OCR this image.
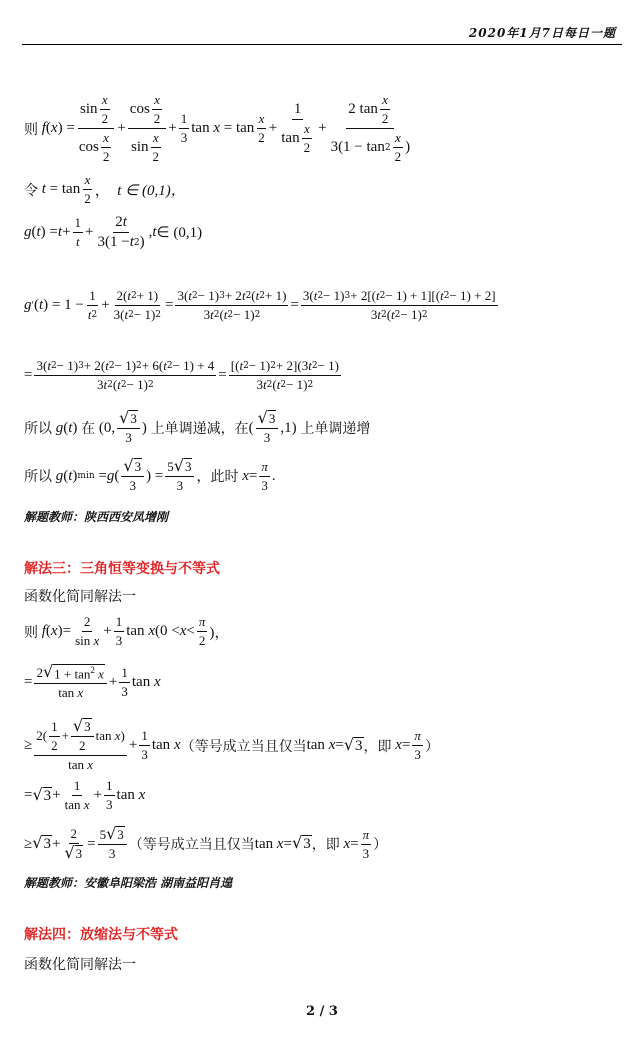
2020年1月7日每日一题
则 f ( x ) = $\frac{\sin \frac{x}{2}}{\cos \frac{x}{2}} + \frac{\cos \frac{x}{2}}{\sin \frac{x}{2}} + \frac{1}{3}$ $\tan x = \tan \frac{x}{2} + \frac{1}{\tan \frac{x}{2}} + \frac{2 \tan \frac{x}{2}}{3(1 - \tan 2 \frac{x}{2} )}$
令 $t = \tan \frac{x}{2}$ ， t ∈ (0,1)，
g ( t ) = $t + \frac{1}{t} + \frac{2 t}{3(1 - t 2 )}$ , t ∈ (0,1)
g ' ( t ) = $1 - \frac{1}{t 2} + \frac{2( t 2 + 1)}{3( t 2 - 1) 2} = \frac{3( t 2 - 1) 3 + 2 t 2 ( t 2 + 1)}{3 t 2 ( t 2 - 1) 2} = \frac{3( t 2 - 1) 3 + 2[( t 2 - 1) + 1][( t 2 - 1) + 2]}{3 t 2 ( t 2 - 1) 2}$
= $\frac{3( t 2 - 1) 3 + 2( t 2 - 1) 2 + 6( t 2 - 1) + 4}{3 t 2 ( t 2 - 1) 2} = \frac{[( t 2 - 1) 2 + 2](3 t 2 - 1)}{3 t 2 ( t 2 - 1) 2}$
所以 g ( t ) 在 (0, $\frac{√ 3}{3}$ ) 上单调递减，在 ( $\frac{√ 3}{3} ,1$) 上单调递增
所以 g ( t ) min = g ( $\frac{√ 3}{3}$ ) = $\frac{5 √ 3}{3}$ ，此时 $x = \frac{\pi}{3}$ .
解题教师：陕西西安凤增刚
解法三：三角恒等变换与不等式
函数化简同解法一
则 f ( x )= $\frac{2}{\text{sin x}} + \frac{1}{3}$ tan x ($0 < x < \frac{\pi}{2}$ )，
= $\frac{2 √ 1 + \tan^2 x}{\text{tan x}} + \frac{1}{3}$ tan x
≥ $\frac{2( \frac{1}{2} + \frac{√ 3}{2} \tan x )}{\text{tan x}} + \frac{1}{3}$ tan x （等号成立当且仅当 tan x = √ 3 ，即 $x = \frac{\pi}{3}$ ）
= √ $3 + \frac{1}{\text{tan x}} + \frac{1}{3}$ tan x
≥ √ $3 + \frac{2}{√ 3} = \frac{5 √ 3}{3}$ （等号成立当且仅当 tan x = √ 3 ，即 $x = \frac{\pi}{3}$ ）
解题教师：安徽阜阳梁浩 湖南益阳肖遑
解法四：放缩法与不等式
函数化简同解法一
2 / 3
